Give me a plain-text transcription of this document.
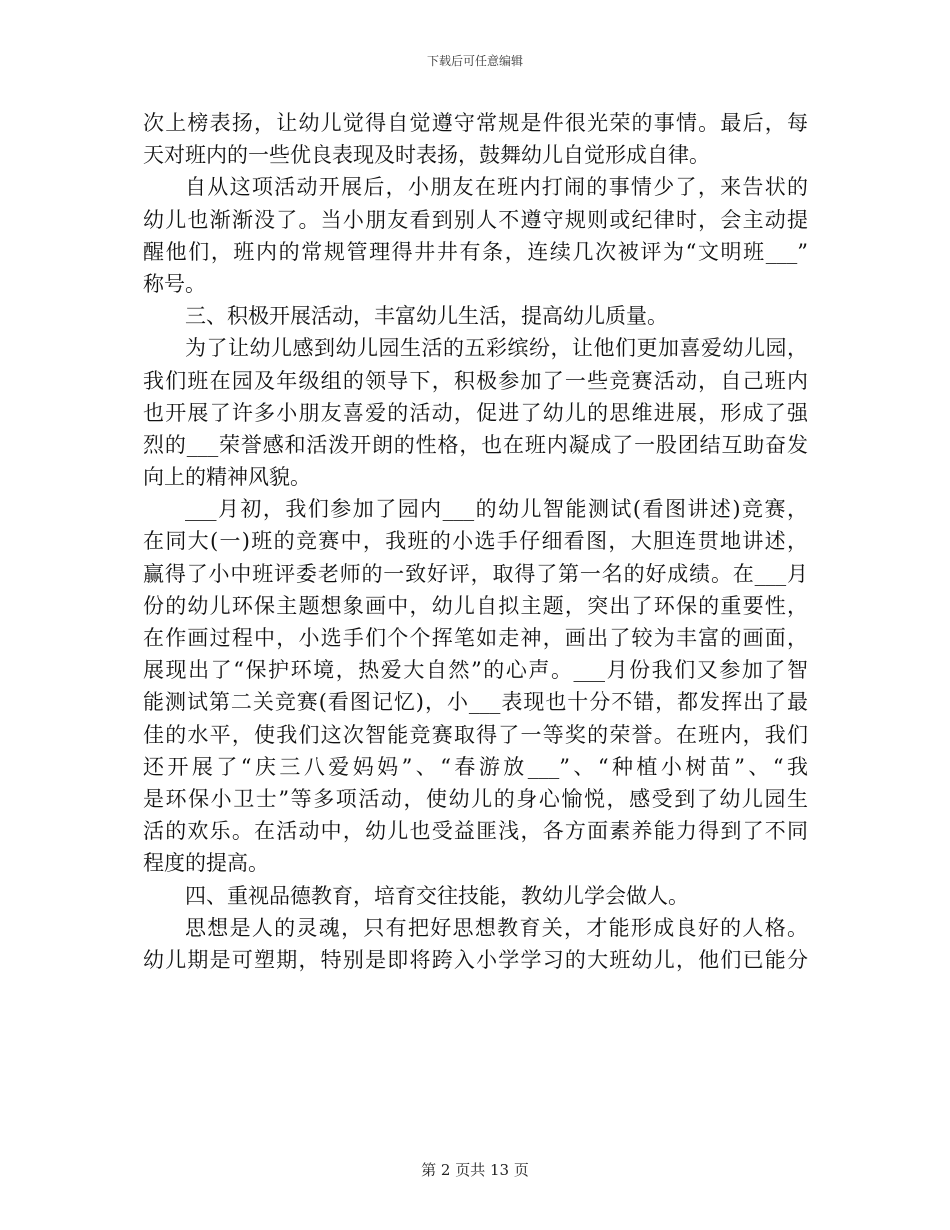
下载后可任意编辑
次上榜表扬，让幼儿觉得自觉遵守常规是件很光荣的事情。最后，每
天对班内的一些优良表现及时表扬，鼓舞幼儿自觉形成自律。
自从这项活动开展后，小朋友在班内打闹的事情少了，来告状的
幼儿也渐渐没了。当小朋友看到别人不遵守规则或纪律时，会主动提
醒他们，班内的常规管理得井井有条，连续几次被评为“文明班___”
称号。
三、积极开展活动，丰富幼儿生活，提高幼儿质量。
为了让幼儿感到幼儿园生活的五彩缤纷，让他们更加喜爱幼儿园，
我们班在园及年级组的领导下，积极参加了一些竞赛活动，自己班内
也开展了许多小朋友喜爱的活动，促进了幼儿的思维进展，形成了强
烈的___荣誉感和活泼开朗的性格，也在班内凝成了一股团结互助奋发
向上的精神风貌。
___月初，我们参加了园内___的幼儿智能测试(看图讲述)竞赛，
在同大(一)班的竞赛中，我班的小选手仔细看图，大胆连贯地讲述，
赢得了小中班评委老师的一致好评，取得了第一名的好成绩。在___月
份的幼儿环保主题想象画中，幼儿自拟主题，突出了环保的重要性，
在作画过程中，小选手们个个挥笔如走神，画出了较为丰富的画面，
展现出了“保护环境，热爱大自然”的心声。___月份我们又参加了智
能测试第二关竞赛(看图记忆)，小___表现也十分不错，都发挥出了最
佳的水平，使我们这次智能竞赛取得了一等奖的荣誉。在班内，我们
还开展了“庆三八爱妈妈”、“春游放___”、“种植小树苗”、“我
是环保小卫士”等多项活动，使幼儿的身心愉悦，感受到了幼儿园生
活的欢乐。在活动中，幼儿也受益匪浅，各方面素养能力得到了不同
程度的提高。
四、重视品德教育，培育交往技能，教幼儿学会做人。
思想是人的灵魂，只有把好思想教育关，才能形成良好的人格。
幼儿期是可塑期，特别是即将跨入小学学习的大班幼儿，他们已能分
第 2 页共 13 页
